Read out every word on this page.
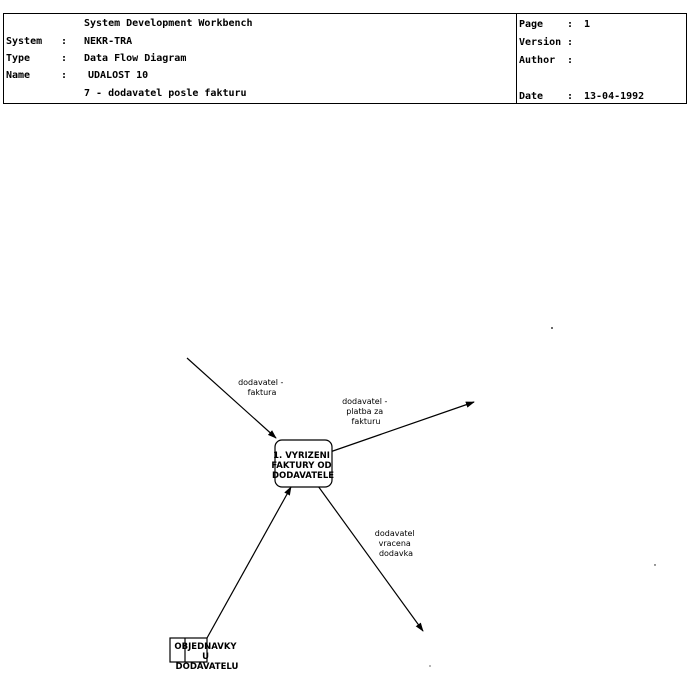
System Development Workbench
System : NEKR-TRA
Type	: Data Flow Diagram
Name	: UDALOST 10
7 - dodavatel posle fakturu
Page : 1
Version :
Author :
Date : 13-04-1992
dodavatel - faktura
dodavatel - platba za fakturu
dodavatel vracena dodavka
1. VYRIZENI FAKTURY OD DODAVATELE
OBJEDNAVKY U DODAVATELU
